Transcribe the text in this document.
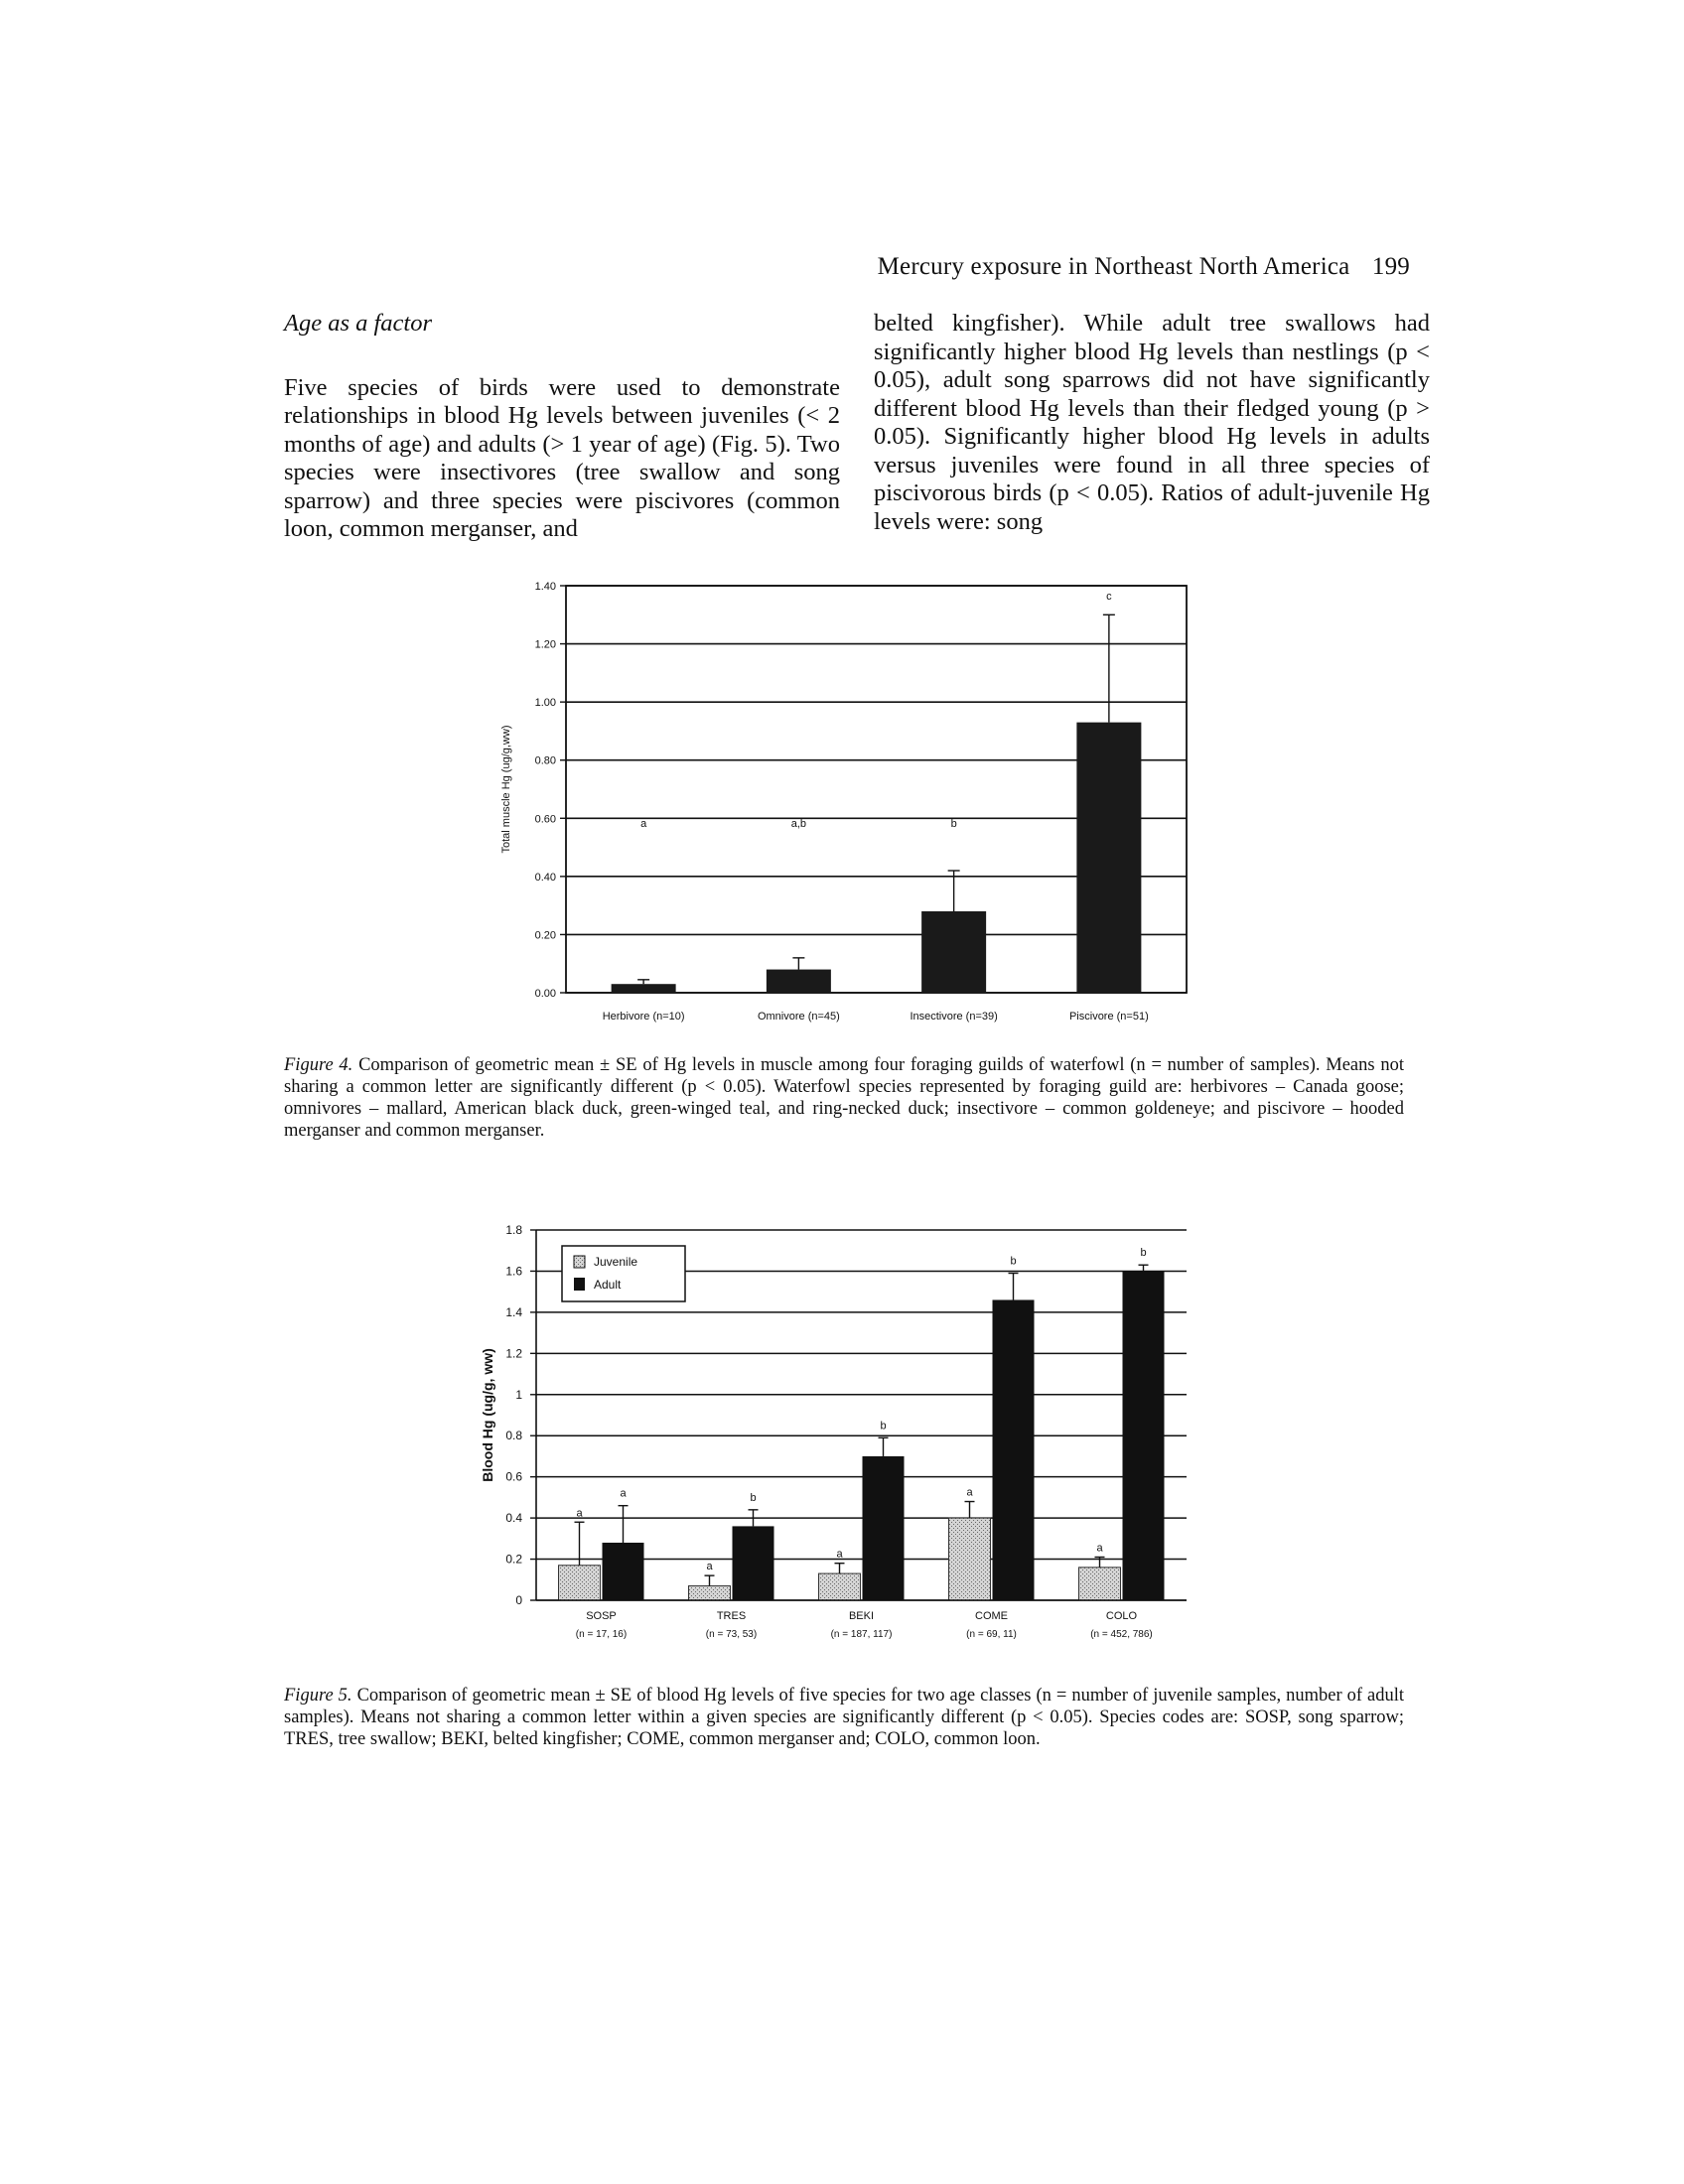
Mercury exposure in Northeast North America 199
Age as a factor

Five species of birds were used to demonstrate relationships in blood Hg levels between juveniles (< 2 months of age) and adults (> 1 year of age) (Fig. 5). Two species were insectivores (tree swallow and song sparrow) and three species were piscivores (common loon, common merganser, and

belted kingfisher). While adult tree swallows had significantly higher blood Hg levels than nestlings (p < 0.05), adult song sparrows did not have significantly different blood Hg levels than their fledged young (p > 0.05). Significantly higher blood Hg levels in adults versus juveniles were found in all three species of piscivorous birds (p < 0.05). Ratios of adult-juvenile Hg levels were: song

0.00
0.20
0.40
0.60
0.80
1.00
1.20
1.40
Total muscle Hg (ug/g,ww)	a
Herbivore (n=10)
a,b
Omnivore (n=45)
b
Insectivore (n=39)
c
Piscivore (n=51)
Figure 4. Comparison of geometric mean ± SE of Hg levels in muscle among four foraging guilds of waterfowl (n = number of samples). Means not sharing a common letter are significantly different (p < 0.05). Waterfowl species represented by foraging guild are: herbivores – Canada goose; omnivores – mallard, American black duck, green-winged teal, and ring-necked duck; insectivore – common goldeneye; and piscivore – hooded merganser and common merganser.
0
0.2
0.4
0.6
0.8
1
1.2
1.4
1.6
1.8
Blood Hg (ug/g, ww)
a
a
SOSP
(n = 17, 16)
a
b
TRES
(n = 73, 53)
a
b
BEKI
(n = 187, 117)
a
b
COME
(n = 69, 11)
a
b
COLO
(n = 452, 786)
Juvenile
Adult
Figure 5. Comparison of geometric mean ± SE of blood Hg levels of five species for two age classes (n = number of juvenile samples, number of adult samples). Means not sharing a common letter within a given species are significantly different (p < 0.05). Species codes are: SOSP, song sparrow; TRES, tree swallow; BEKI, belted kingfisher; COME, common merganser and; COLO, common loon.
